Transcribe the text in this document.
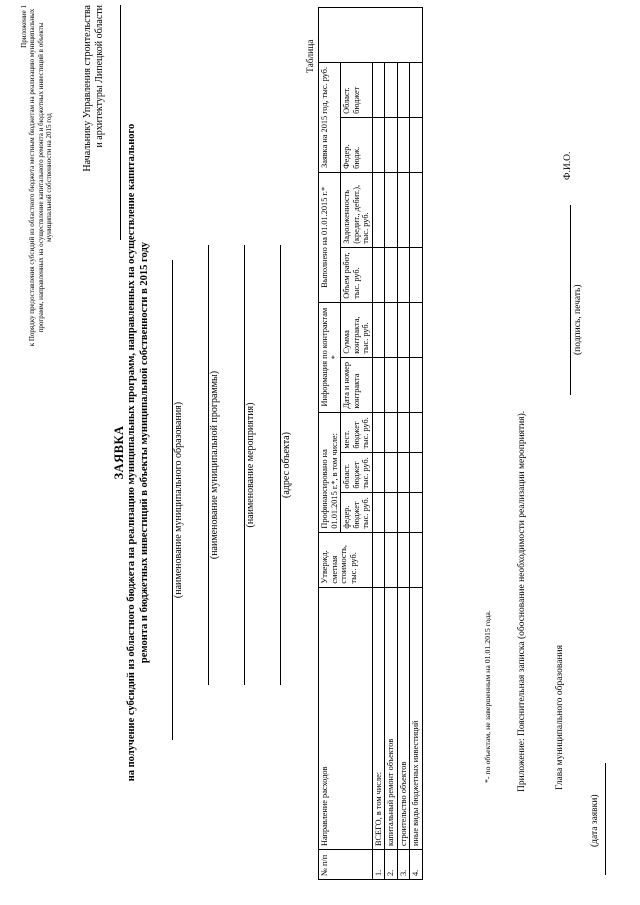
Приложение 1 к Порядку предоставления субсидий из областного бюджета местным бюджетам на реализацию муниципальных программ, направленных на осуществление капитального ремонта и бюджетных инвестиций в объекты муниципальной собственности на 2015 год
Начальнику Управления строительства и архитектуры Липецкой области

ЗАЯВКА на получение субсидий из областного бюджета на реализацию муниципальных программ, направленных на осуществление капитального ремонта и бюджетных инвестиций в объекты муниципальной собственности в 2015 году (наименование муниципального образования)	(наименование муниципальной программы)	(наименование мероприятия)	(адрес объекта)
Таблица
№ п/п	Направление расходов	Утвержд. сметная стоимость, тыс. руб.	Профинансировано на 01.01.2015 г.*, в том числе:			Информация по контрактам *		Выполнено на 01.01.2015 г.*		Заявка на 2015 год, тыс. руб.		
			федер. бюджет тыс. руб.	област. бюджет тыс. руб.	мест. бюджет тыс. руб.	Дата и номер контракта	Сумма контракта, тыс. руб.	Объем работ, тыс. руб.	Задолженность (кредит., дебит.), тыс. руб.	Федер. бюдж.	Област. бюджет	
1.	ВСЕГО, в том числе:											
2.	капитальный ремонт объектов											
3.	строительство объектов											
4.	иные виды бюджетных инвестиций											
*- по объектам, не завершенным на 01.01.2015 года.	Приложение: Пояснительная записка (обоснование необходимости реализации мероприятия).	Глава муниципального образования
(подпись, печать)
Ф.И.О.
(дата заявки)
